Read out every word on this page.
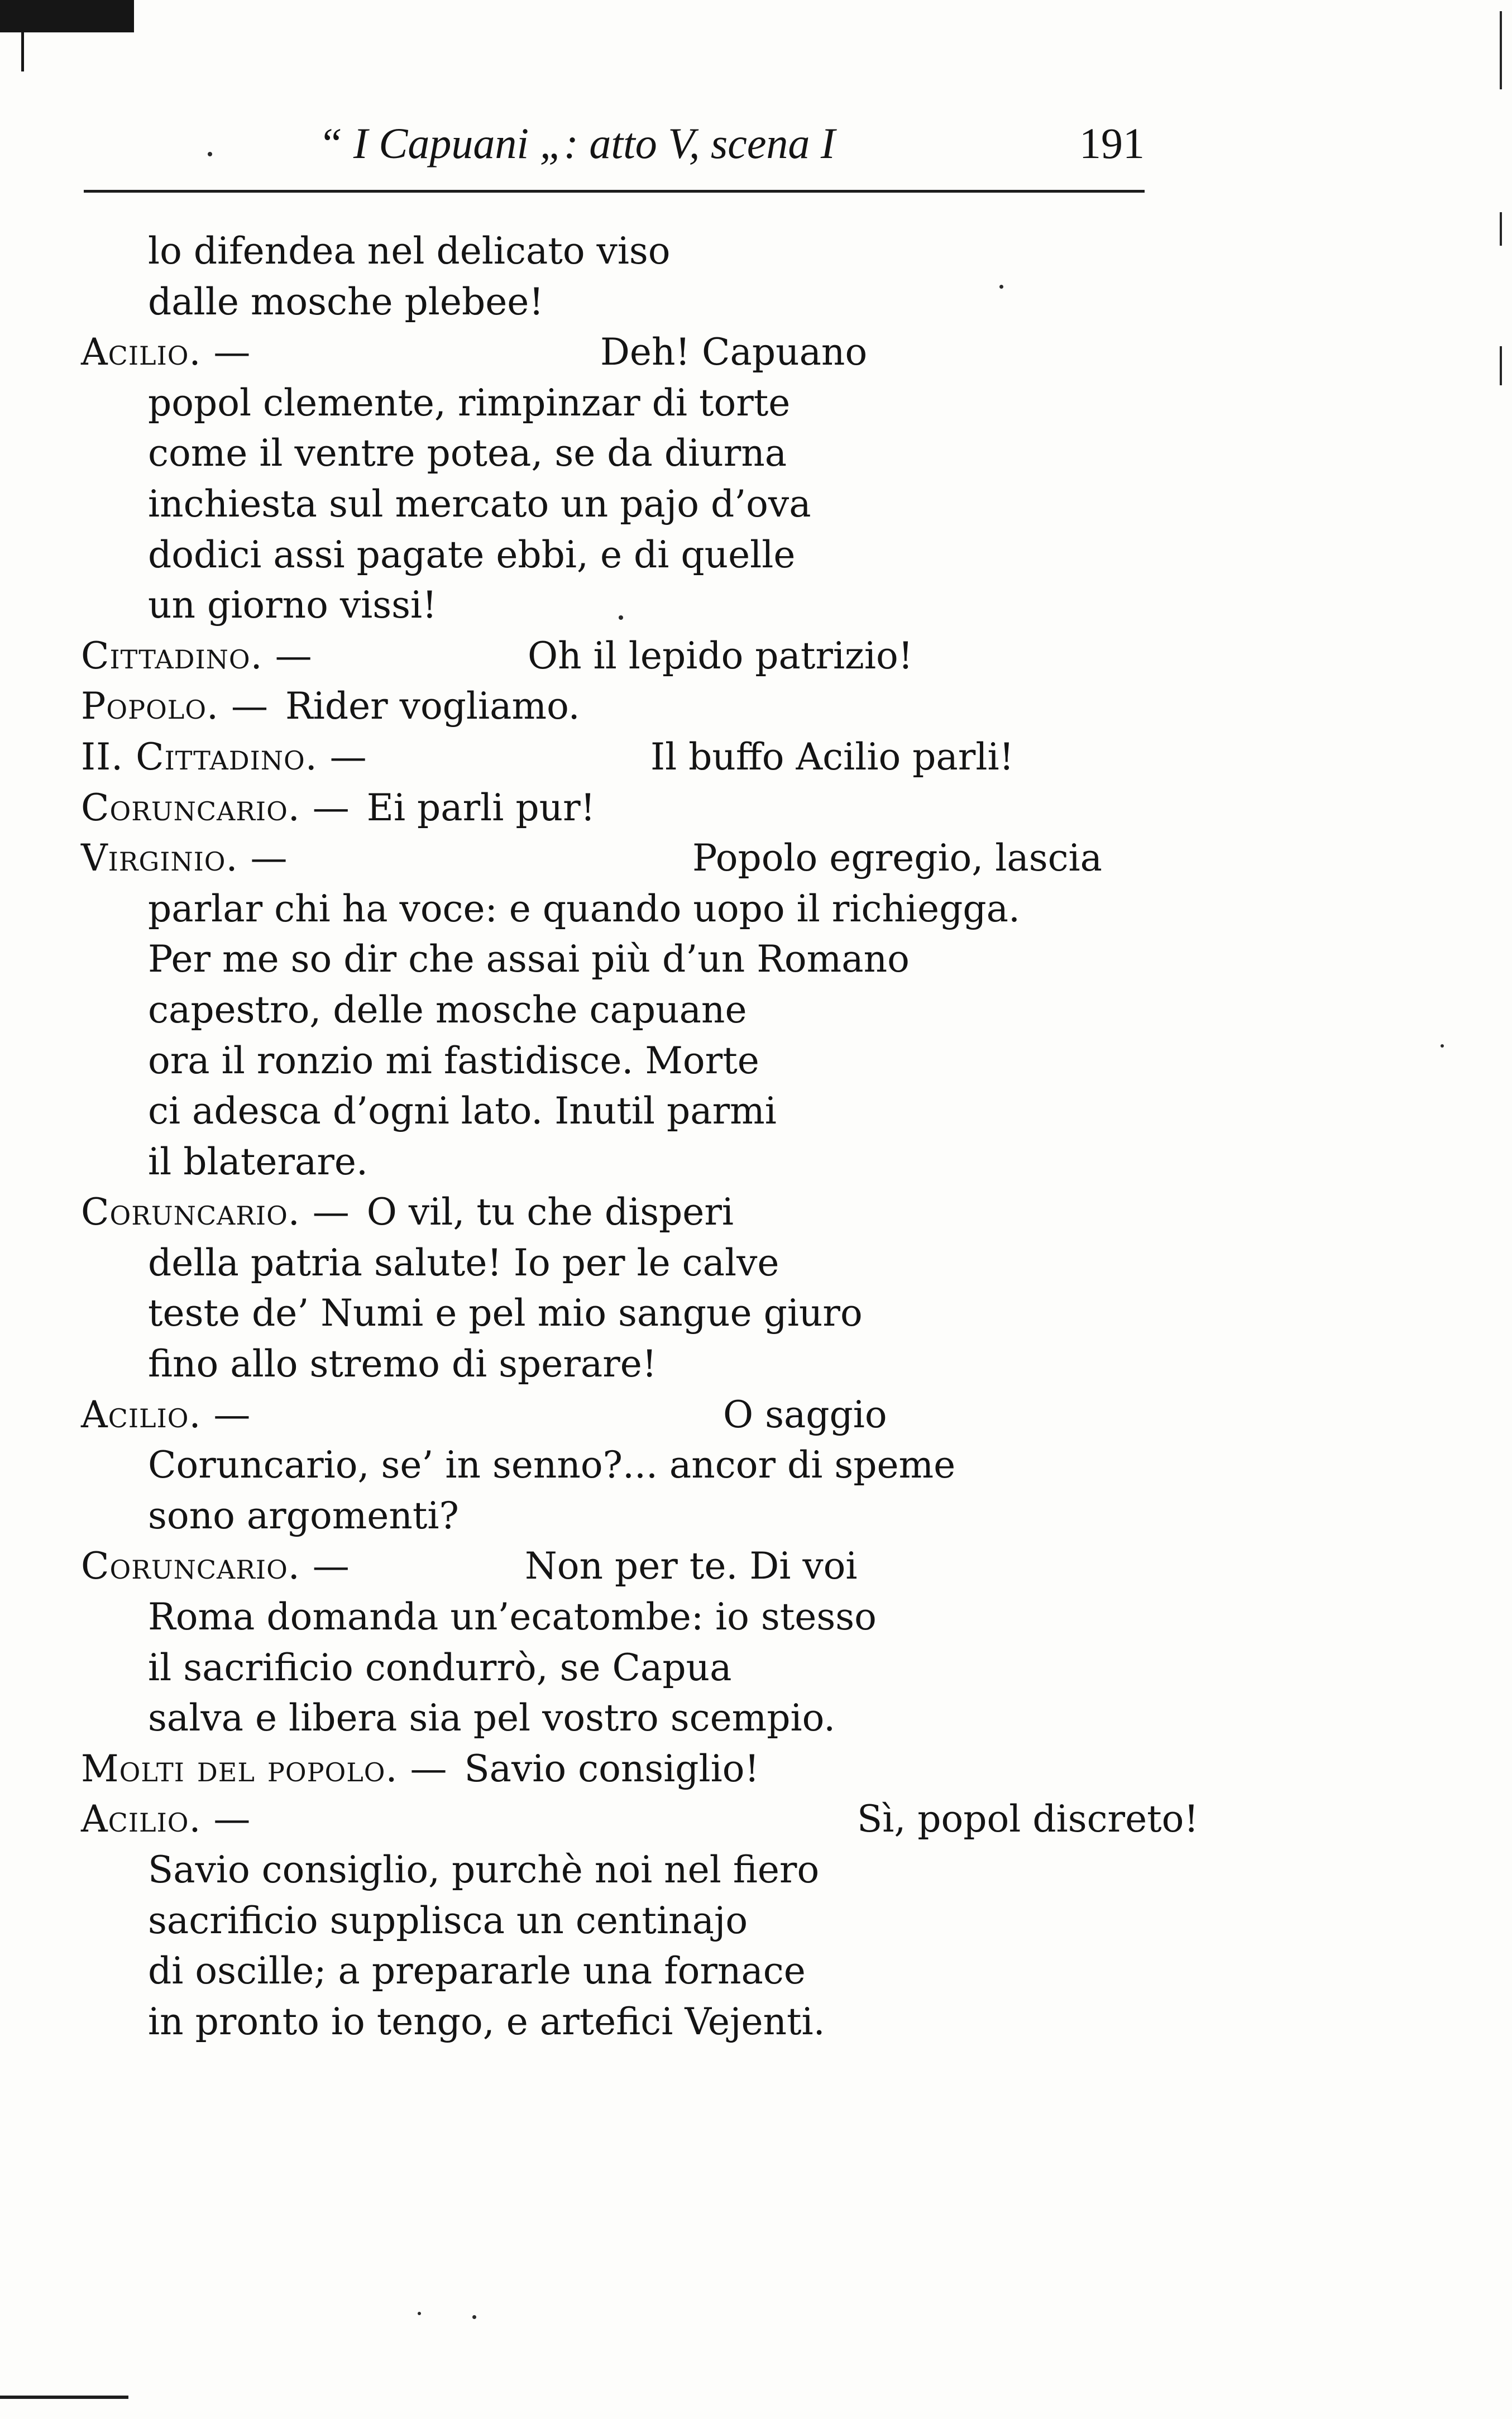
“ I Capuani „: atto V, scena I	191
lo difendea nel delicato viso
dalle mosche plebee!
Acilio. —	Deh! Capuano
popol clemente, rimpinzar di torte
come il ventre potea, se da diurna
inchiesta sul mercato un pajo d’ova
dodici assi pagate ebbi, e di quelle
un giorno vissi!
Cittadino. —	Oh il lepido patrizio!
Popolo. — Rider vogliamo.
II. Cittadino. —	Il buffo Acilio parli!
Coruncario. — Ei parli pur!
Virginio. —	Popolo egregio, lascia
parlar chi ha voce: e quando uopo il richiegga.
Per me so dir che assai più d’un Romano
capestro, delle mosche capuane
ora il ronzio mi fastidisce. Morte
ci adesca d’ogni lato. Inutil parmi
il blaterare.
Coruncario. — O vil, tu che disperi
della patria salute! Io per le calve
teste de’ Numi e pel mio sangue giuro
fino allo stremo di sperare!
Acilio. —	O saggio
Coruncario, se’ in senno?... ancor di speme
sono argomenti?
Coruncario. —	Non per te. Di voi
Roma domanda un’ecatombe: io stesso
il sacrificio condurrò, se Capua
salva e libera sia pel vostro scempio.
Molti del popolo. — Savio consiglio!
Acilio. —	Sì, popol discreto!
Savio consiglio, purchè noi nel fiero
sacrificio supplisca un centinajo
di oscille; a prepararle una fornace
in pronto io tengo, e artefici Vejenti.
